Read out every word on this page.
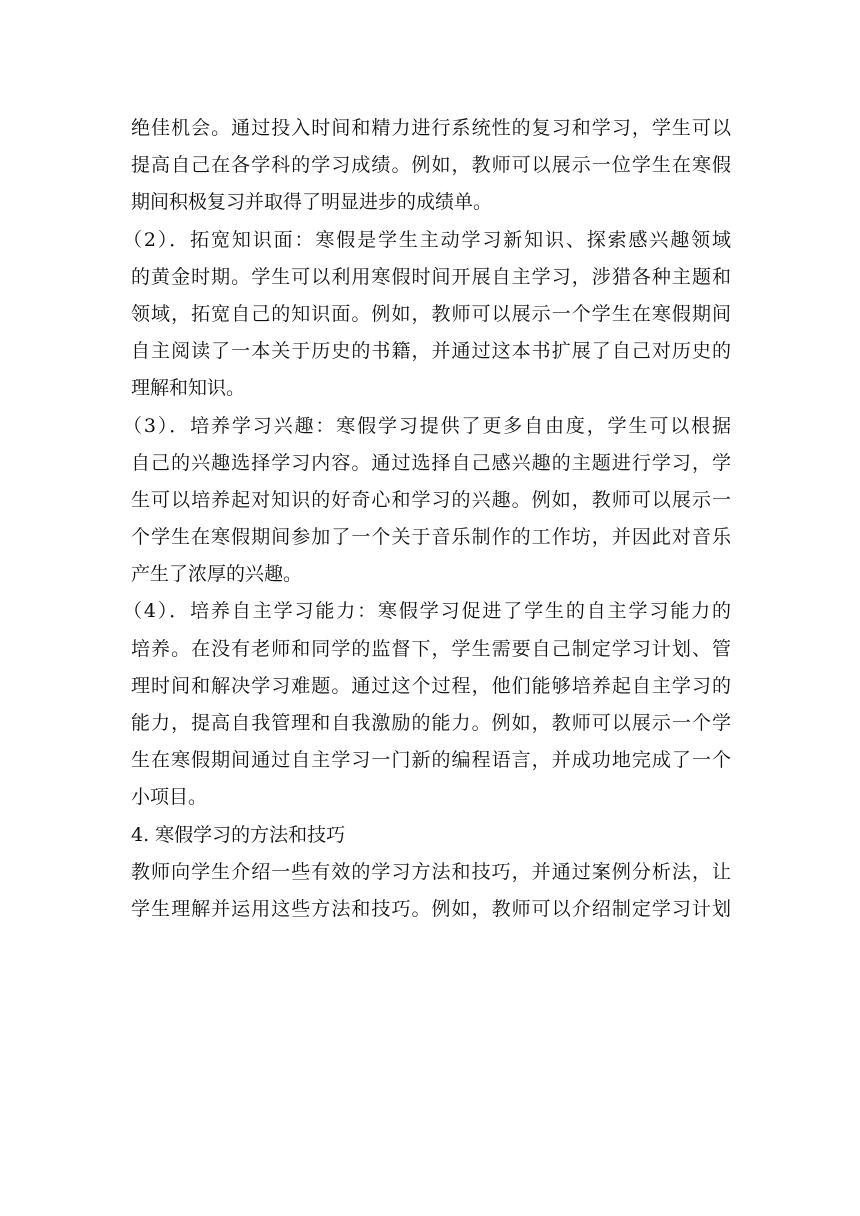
绝佳机会。通过投入时间和精力进行系统性的复习和学习，学生可以
提高自己在各学科的学习成绩。例如，教师可以展示一位学生在寒假
期间积极复习并取得了明显进步的成绩单。
（2）．拓宽知识面：寒假是学生主动学习新知识、探索感兴趣领域
的黄金时期。学生可以利用寒假时间开展自主学习，涉猎各种主题和
领域，拓宽自己的知识面。例如，教师可以展示一个学生在寒假期间
自主阅读了一本关于历史的书籍，并通过这本书扩展了自己对历史的
理解和知识。
（3）．培养学习兴趣：寒假学习提供了更多自由度，学生可以根据
自己的兴趣选择学习内容。通过选择自己感兴趣的主题进行学习，学
生可以培养起对知识的好奇心和学习的兴趣。例如，教师可以展示一
个学生在寒假期间参加了一个关于音乐制作的工作坊，并因此对音乐
产生了浓厚的兴趣。
（4）．培养自主学习能力：寒假学习促进了学生的自主学习能力的
培养。在没有老师和同学的监督下，学生需要自己制定学习计划、管
理时间和解决学习难题。通过这个过程，他们能够培养起自主学习的
能力，提高自我管理和自我激励的能力。例如，教师可以展示一个学
生在寒假期间通过自主学习一门新的编程语言，并成功地完成了一个
小项目。
4. 寒假学习的方法和技巧
教师向学生介绍一些有效的学习方法和技巧，并通过案例分析法，让
学生理解并运用这些方法和技巧。例如，教师可以介绍制定学习计划
